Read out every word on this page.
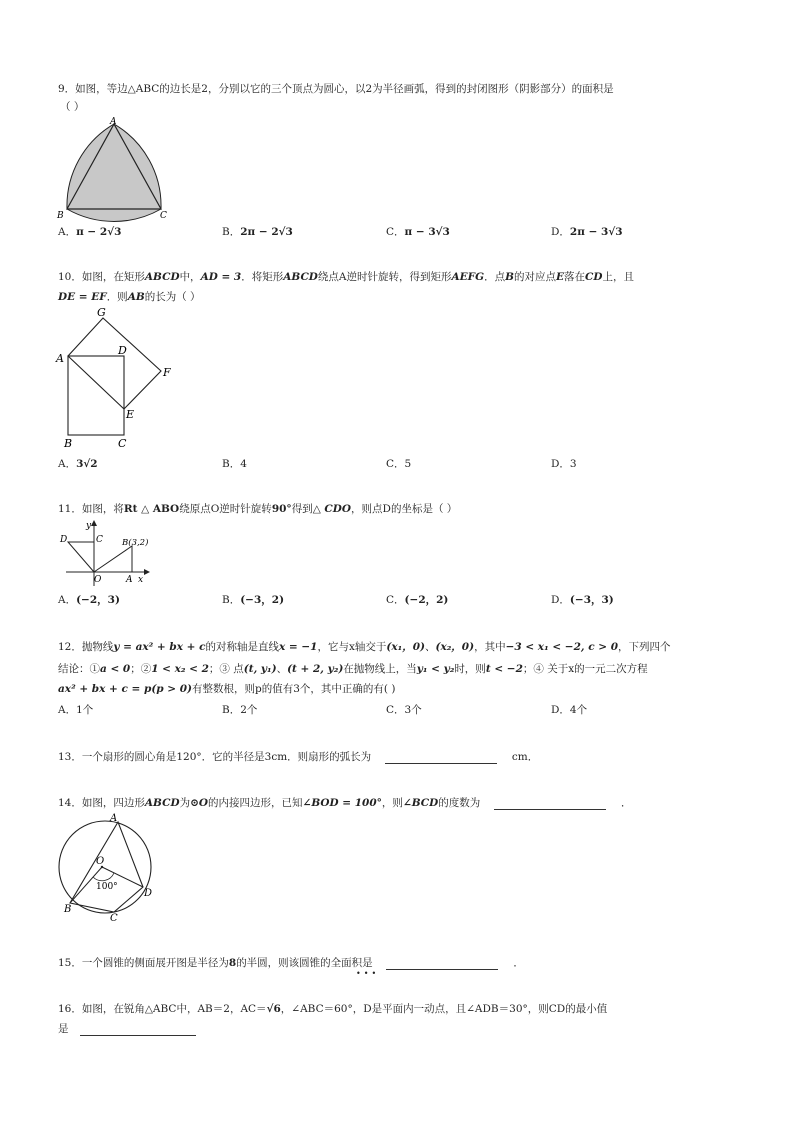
9．如图，等边△ABC的边长是2，分别以它的三个顶点为圆心，以2为半径画弧，得到的封闭图形（阴影部分）的面积是
（ ）
A
B	C
A．π − 2√3	B．2π − 2√3	C．π − 3√3	D．2π − 3√3
10．如图，在矩形ABCD中，AD = 3．将矩形ABCD绕点A逆时针旋转，得到矩形AEFG．点B的对应点E落在CD上，且
DE = EF．则AB的长为（ ）
G
A
D
F
E
B	C
A．3√2	B．4	C．5	D．3
11．如图，将Rt △ ABO绕原点O逆时针旋转90°得到△ CDO，则点D的坐标是（ ）
y
x
D	C B(3,2)
O	A
A．(−2，3)	B．(−3，2)	C．(−2，2)	D．(−3，3)
12．抛物线y = ax² + bx + c的对称轴是直线x = −1，它与x轴交于(x₁，0)、(x₂，0)，其中−3 < x₁ < −2, c > 0，下列四个
结论：①a < 0；②1 < x₂ < 2；③ 点(t, y₁)、(t + 2, y₂)在抛物线上，当y₁ < y₂时，则t < −2；④ 关于x的一元二次方程
ax² + bx + c = p(p > 0)有整数根，则p的值有3个，其中正确的有( )
A．1个	B．2个	C．3个	D．4个
13．一个扇形的圆心角是120°．它的半径是3cm．则扇形的弧长为	cm．
14．如图，四边形ABCD为⊙O的内接四边形，已知∠BOD = 100°，则∠BCD的度数为	．
A
O
100°
D
B
C
15．一个圆锥的侧面展开图是半径为8的半圆，则该圆锥的全面积是	．
•••
16．如图，在锐角△ABC中，AB＝2，AC＝√6，∠ABC＝60°，D是平面内一动点，且∠ADB＝30°，则CD的最小值
是
